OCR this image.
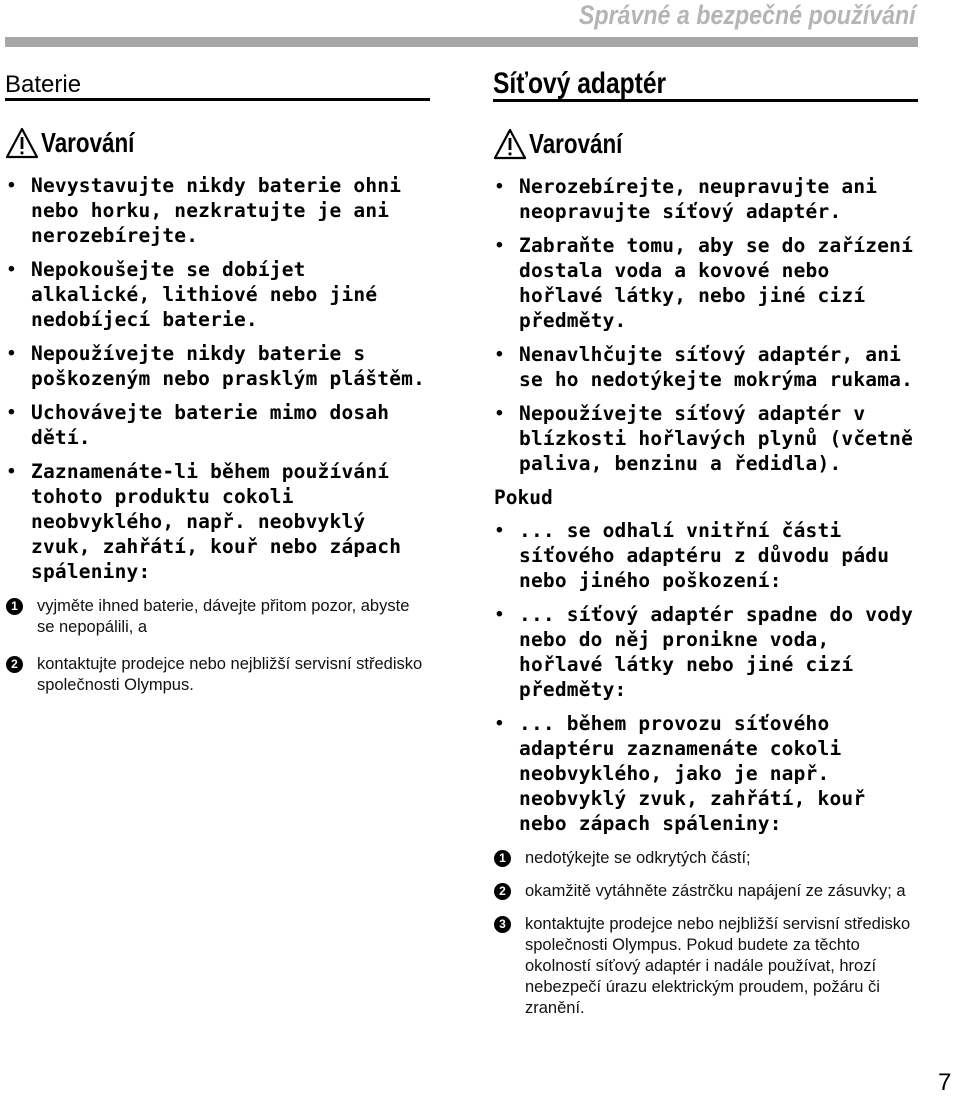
Správné a bezpečné používání
Baterie
Varování
• Nevystavujte nikdy baterie ohni nebo horku, nezkratujte je ani nerozebírejte.
• Nepokoušejte se dobíjet alkalické, lithiové nebo jiné nedobíjecí baterie.
• Nepoužívejte nikdy baterie s poškozeným nebo prasklým pláštěm.
• Uchovávejte baterie mimo dosah dětí.
• Zaznamenáte-li během používání tohoto produktu cokoli neobvyklého, např. neobvyklý zvuk, zahřátí, kouř nebo zápach spáleniny:
1	vyjměte ihned baterie, dávejte přitom pozor, abyste se nepopálili, a
2	kontaktujte prodejce nebo nejbližší servisní středisko společnosti Olympus.
Síťový adaptér
Varování
• Nerozebírejte, neupravujte ani neopravujte síťový adaptér.
• Zabraňte tomu, aby se do zařízení dostala voda a kovové nebo hořlavé látky, nebo jiné cizí předměty.
• Nenavlhčujte síťový adaptér, ani se ho nedotýkejte mokrýma rukama.
• Nepoužívejte síťový adaptér v blízkosti hořlavých plynů (včetně paliva, benzinu a ředidla).
Pokud
• ... se odhalí vnitřní části síťového adaptéru z důvodu pádu nebo jiného poškození:
• ... síťový adaptér spadne do vody nebo do něj pronikne voda, hořlavé látky nebo jiné cizí předměty:
• ... během provozu síťového adaptéru zaznamenáte cokoli neobvyklého, jako je např. neobvyklý zvuk, zahřátí, kouř nebo zápach spáleniny:
1	nedotýkejte se odkrytých částí;
2	okamžitě vytáhněte zástrčku napájení ze zásuvky; a
3	kontaktujte prodejce nebo nejbližší servisní středisko společnosti Olympus. Pokud budete za těchto okolností síťový adaptér i nadále používat, hrozí nebezpečí úrazu elektrickým proudem, požáru či zranění.
7
